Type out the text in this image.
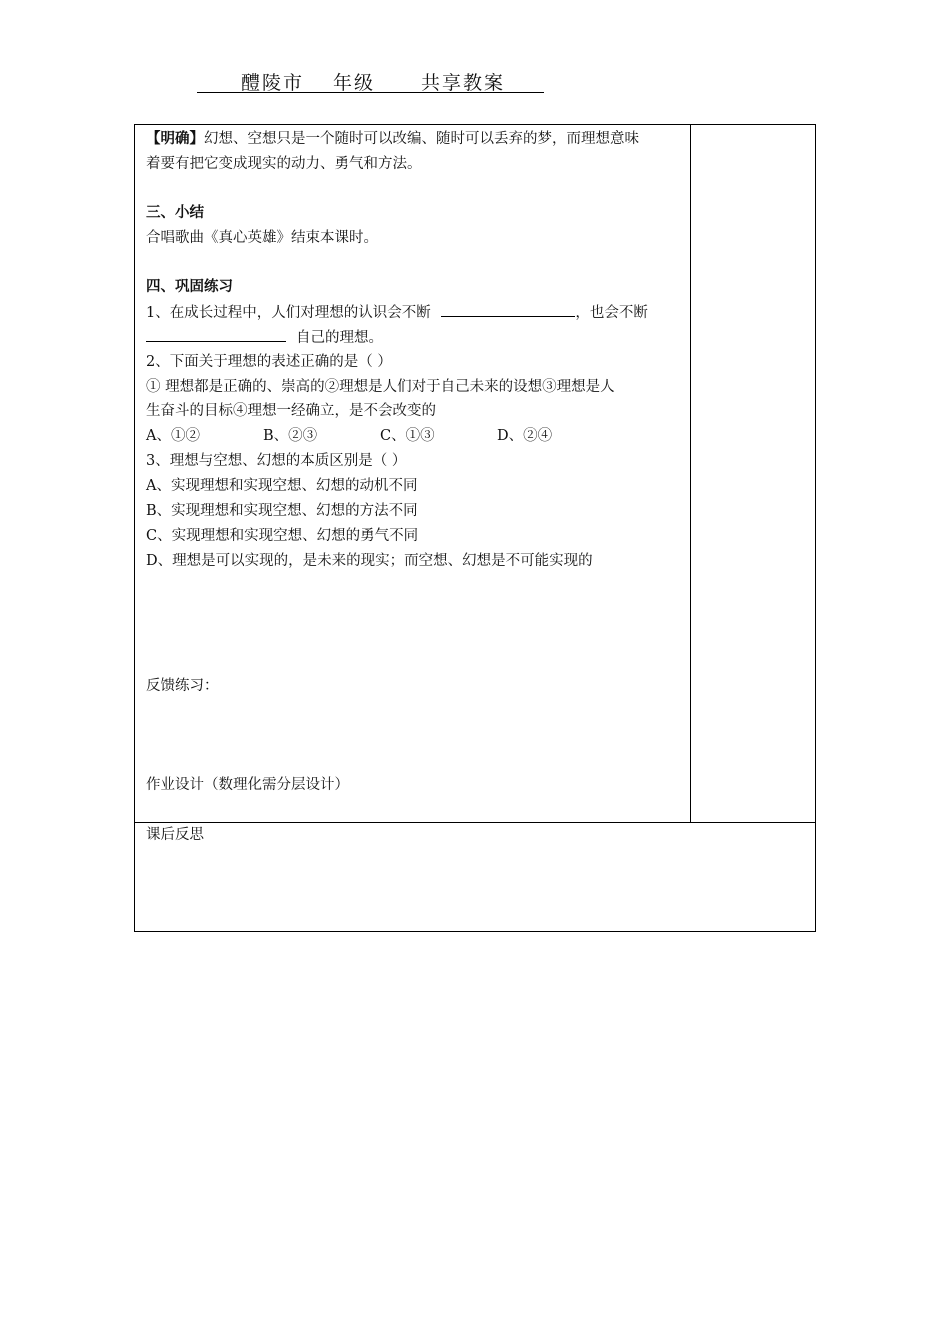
醴陵市 年级 共享教案
【明确】幻想、空想只是一个随时可以改编、随时可以丢弃的梦，而理想意味
着要有把它变成现实的动力、勇气和方法。
三、小结
合唱歌曲《真心英雄》结束本课时。
四、巩固练习
1、在成长过程中，人们对理想的认识会不断	，也会不断
自己的理想。
2、下面关于理想的表述正确的是（ ）
① 理想都是正确的、崇高的②理想是人们对于自己未来的设想③理想是人
生奋斗的目标④理想一经确立，是不会改变的
A、①②	B、②③	C、①③	D、②④
3、理想与空想、幻想的本质区别是（ ）
A、实现理想和实现空想、幻想的动机不同
B、实现理想和实现空想、幻想的方法不同
C、实现理想和实现空想、幻想的勇气不同
D、理想是可以实现的，是未来的现实；而空想、幻想是不可能实现的
反馈练习：
作业设计（数理化需分层设计）
课后反思
